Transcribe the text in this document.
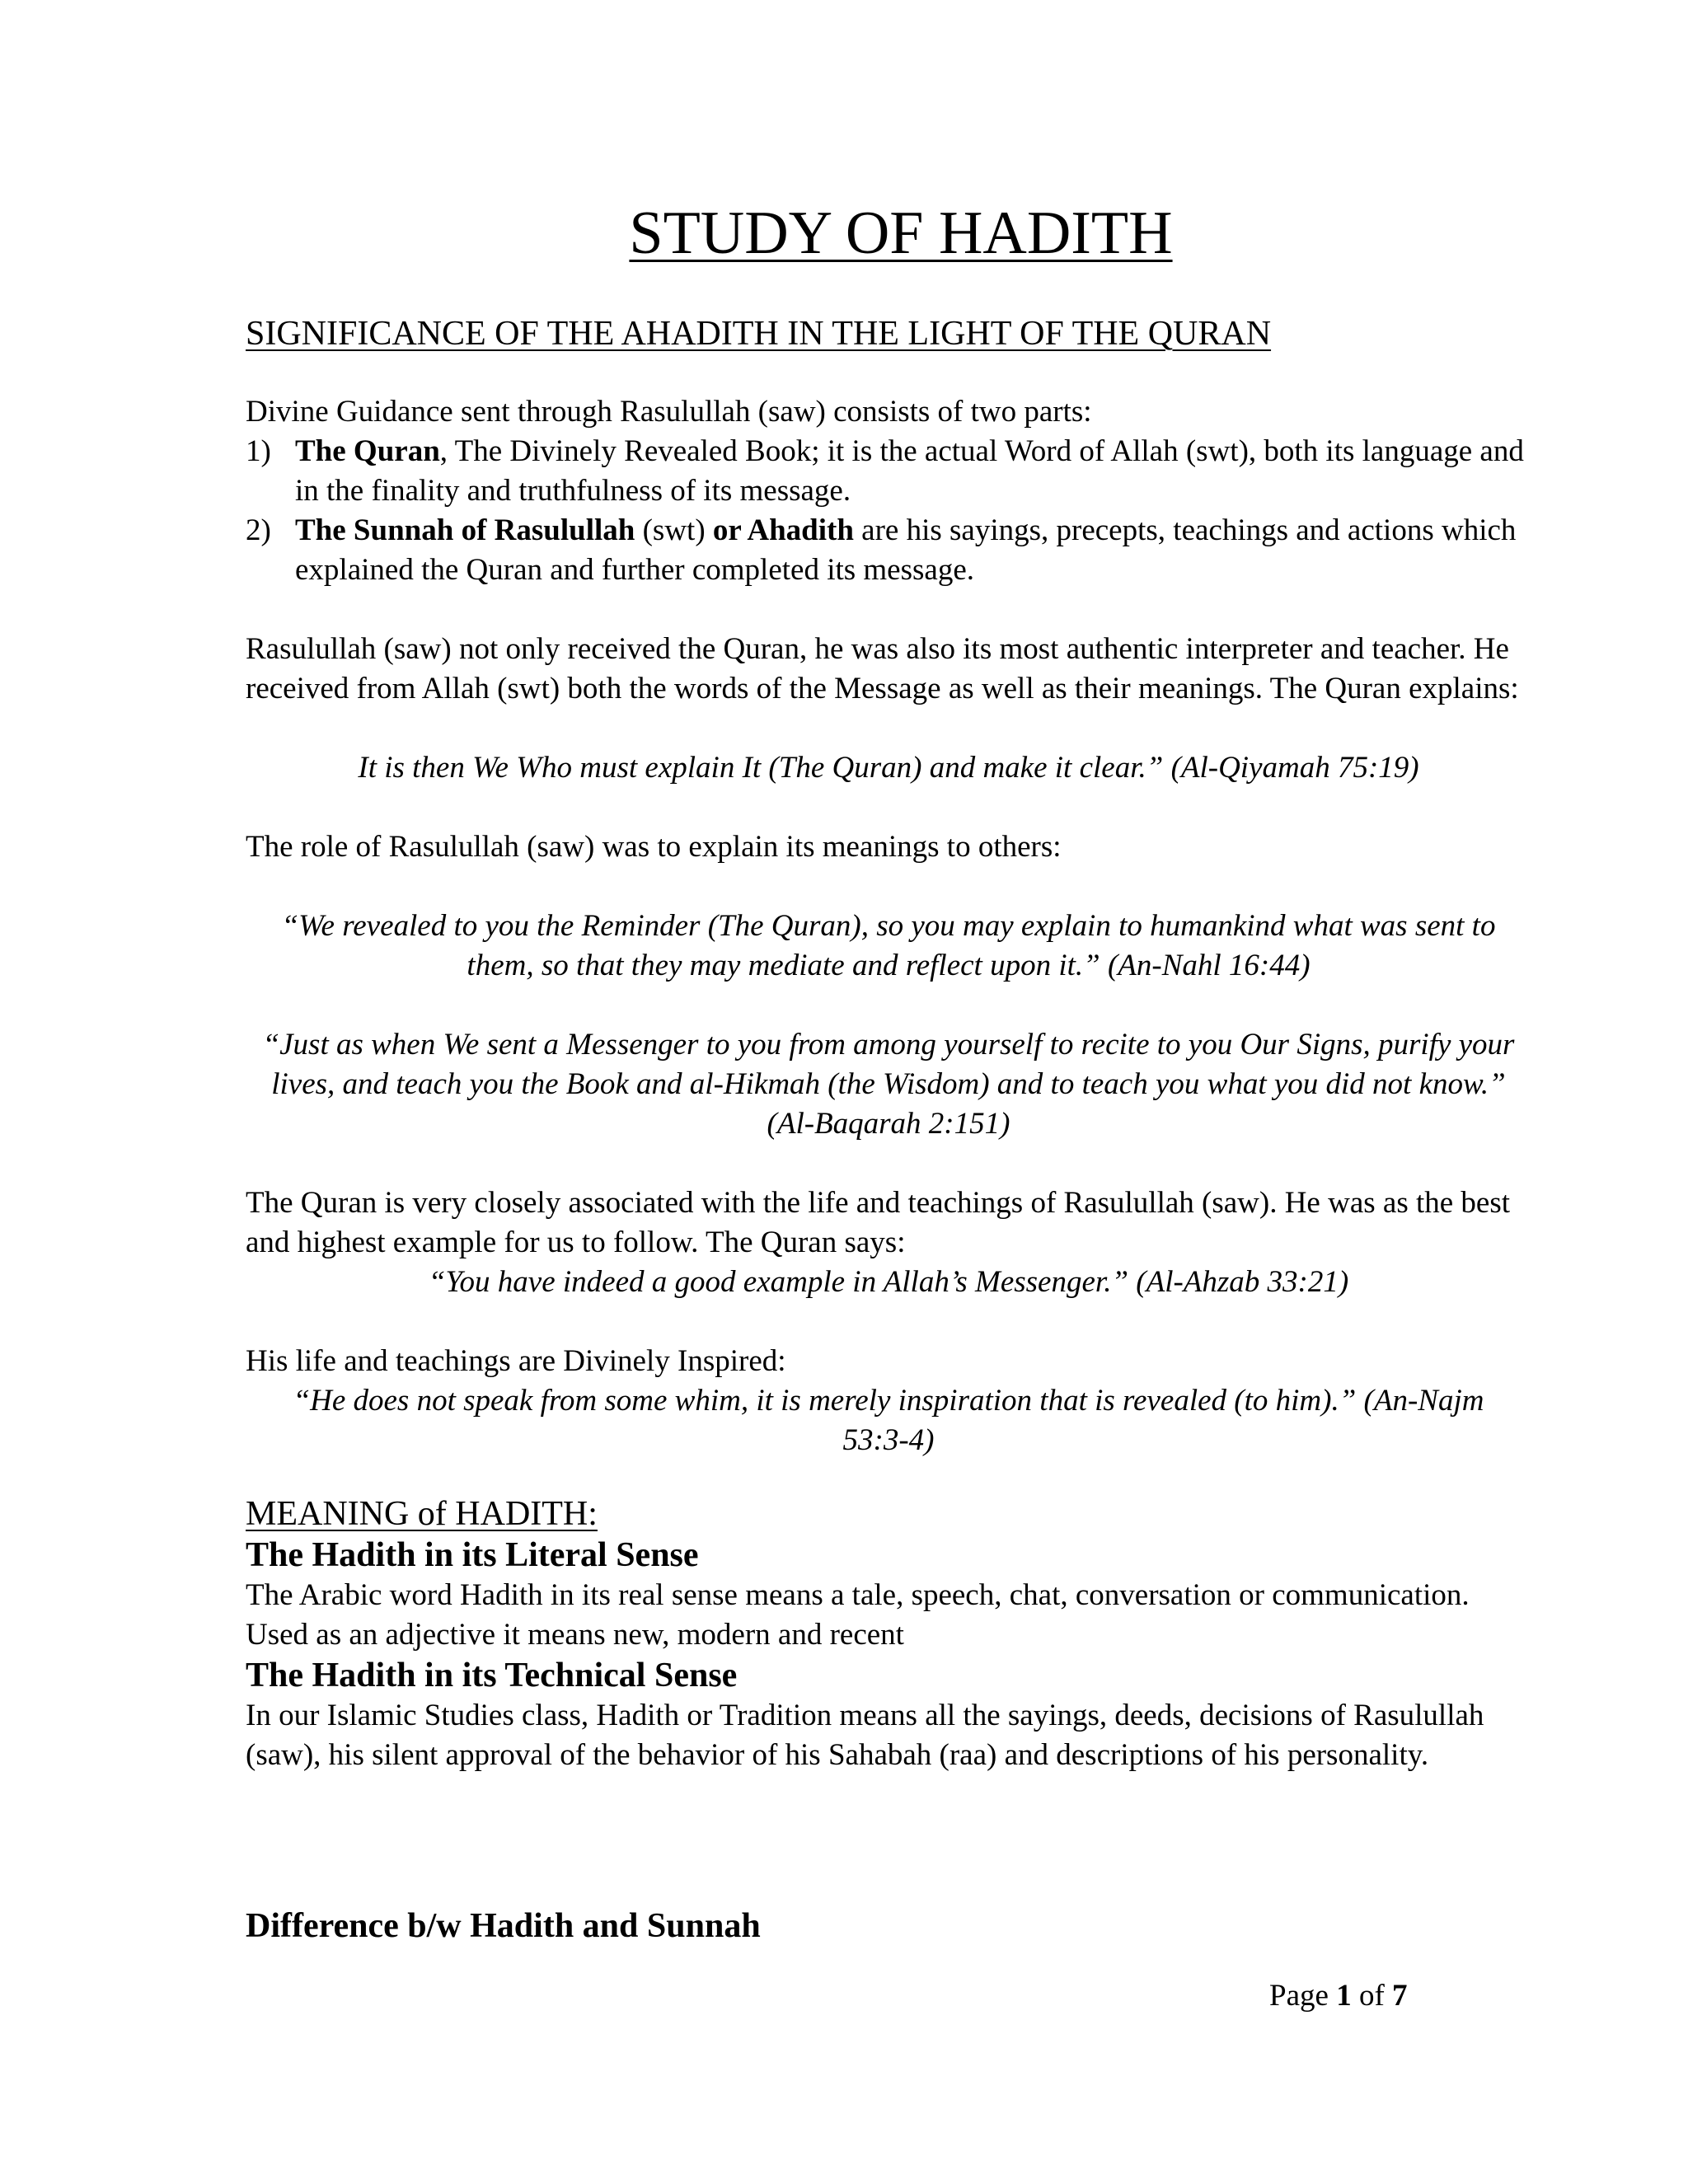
STUDY OF HADITH
SIGNIFICANCE OF THE AHADITH IN THE LIGHT OF THE QURAN

Divine Guidance sent through Rasulullah (saw) consists of two parts:

1) The Quran, The Divinely Revealed Book; it is the actual Word of Allah (swt), both its language and in the finality and truthfulness of its message.
2) The Sunnah of Rasulullah (swt) or Ahadith are his sayings, precepts, teachings and actions which explained the Quran and further completed its message.

Rasulullah (saw) not only received the Quran, he was also its most authentic interpreter and teacher. He received from Allah (swt) both the words of the Message as well as their meanings. The Quran explains:

It is then We Who must explain It (The Quran) and make it clear.” (Al-Qiyamah 75:19)

The role of Rasulullah (saw) was to explain its meanings to others:

“We revealed to you the Reminder (The Quran), so you may explain to humankind what was sent to them, so that they may mediate and reflect upon it.” (An-Nahl 16:44)

“Just as when We sent a Messenger to you from among yourself to recite to you Our Signs, purify your lives, and teach you the Book and al-Hikmah (the Wisdom) and to teach you what you did not know.” (Al-Baqarah 2:151)

The Quran is very closely associated with the life and teachings of Rasulullah (saw). He was as the best and highest example for us to follow. The Quran says:

“You have indeed a good example in Allah’s Messenger.” (Al-Ahzab 33:21)

His life and teachings are Divinely Inspired:

“He does not speak from some whim, it is merely inspiration that is revealed (to him).” (An-Najm 53:3-4)

MEANING of HADITH:
The Hadith in its Literal Sense

The Arabic word Hadith in its real sense means a tale, speech, chat, conversation or communication. Used as an adjective it means new, modern and recent

The Hadith in its Technical Sense

In our Islamic Studies class, Hadith or Tradition means all the sayings, deeds, decisions of Rasulullah (saw), his silent approval of the behavior of his Sahabah (raa) and descriptions of his personality.

Difference b/w Hadith and Sunnah
Page 1 of 7
